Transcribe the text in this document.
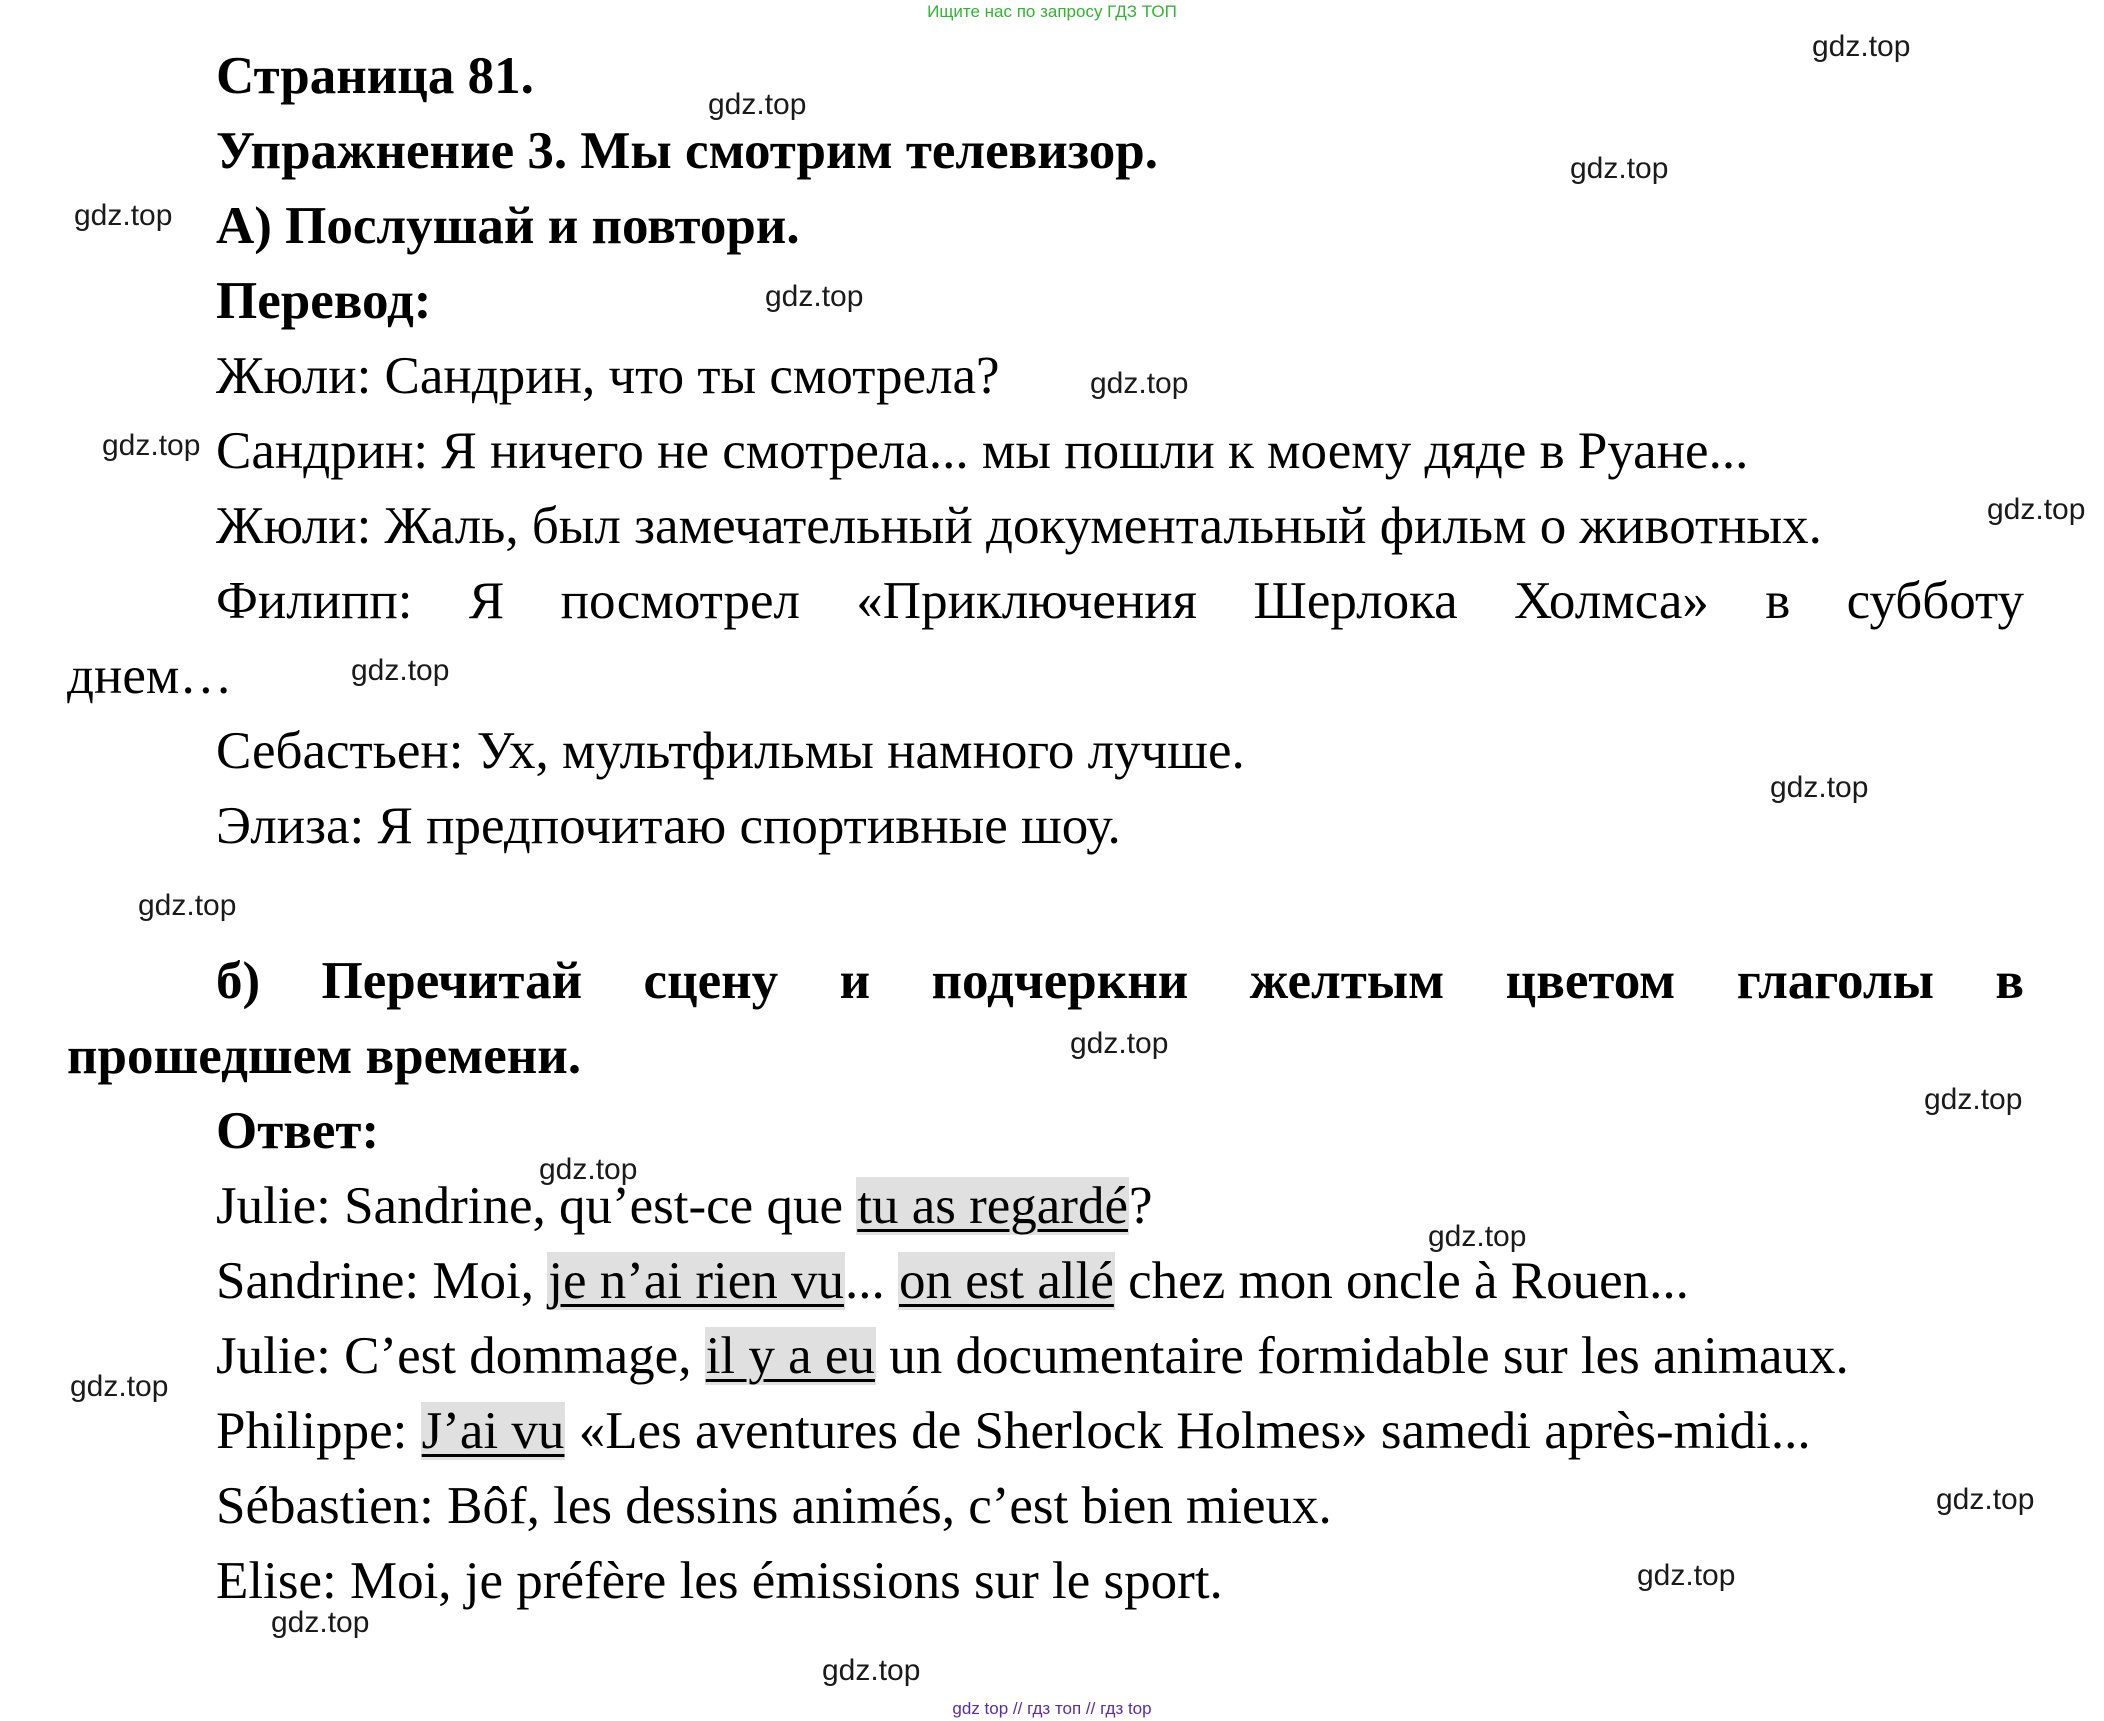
Ищите нас по запросу ГДЗ ТОП
Страница 81.
Упражнение 3. Мы смотрим телевизор.
А) Послушай и повтори.
Перевод:
Жюли: Сандрин, что ты смотрела?
Сандрин: Я ничего не смотрела... мы пошли к моему дяде в Руане...
Жюли: Жаль, был замечательный документальный фильм о животных.
Филипп: Я посмотрел «Приключения Шерлока Холмса» в субботу
днем…
Себастьен: Ух, мультфильмы намного лучше.
Элиза: Я предпочитаю спортивные шоу.
б) Перечитай сцену и подчеркни желтым цветом глаголы в
прошедшем времени.
Ответ:
Julie: Sandrine, qu’est-ce que tu as regardé?
Sandrine: Moi, je n’ai rien vu... on est allé chez mon oncle à Rouen...
Julie: C’est dommage, il y a eu un documentaire formidable sur les animaux.
Philippe: J’ai vu «Les aventures de Sherlock Holmes» samedi après-midi...
Sébastien: Bôf, les dessins animés, c’est bien mieux.
Elise: Moi, je préfère les émissions sur le sport.
gdz.top
gdz.top
gdz.top
gdz.top
gdz.top
gdz.top
gdz.top
gdz.top
gdz.top
gdz.top
gdz.top
gdz.top
gdz.top
gdz.top
gdz.top
gdz.top
gdz.top
gdz.top
gdz.top
gdz.top
gdz top // гдз топ // гдз top
